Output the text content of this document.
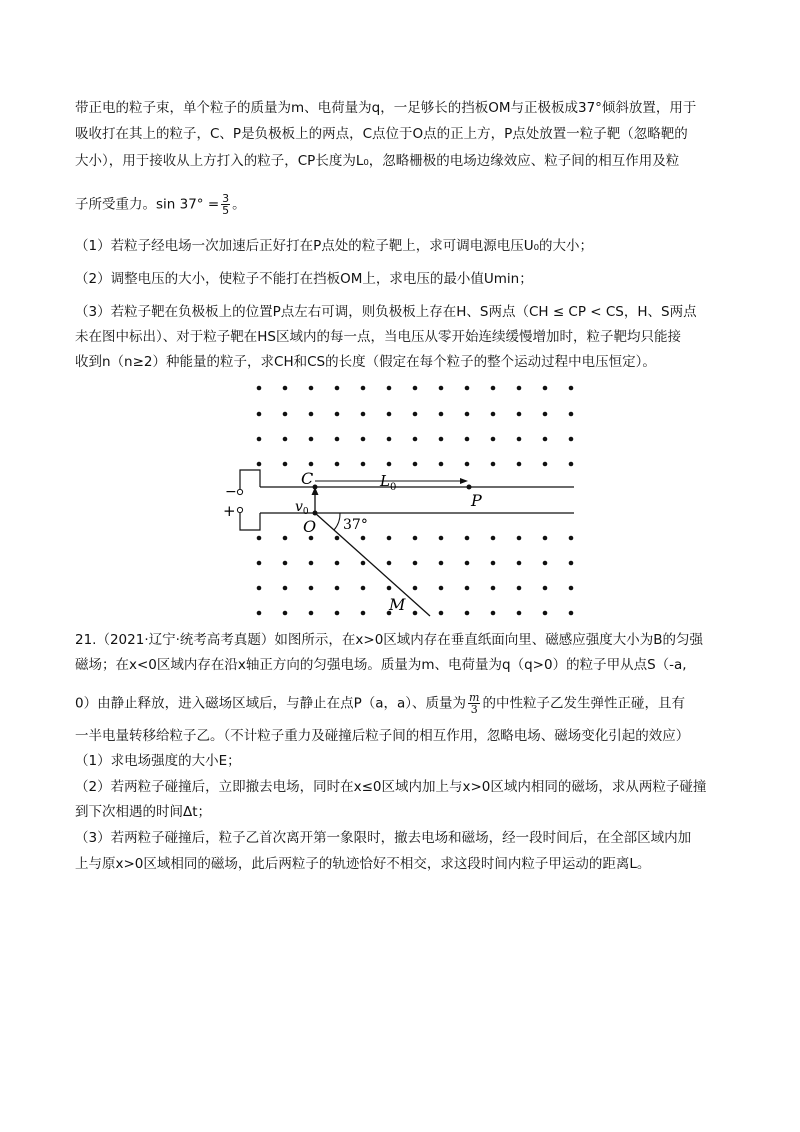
带正电的粒子束，单个粒子的质量为m、电荷量为q，一足够长的挡板OM与正极板成37°倾斜放置，用于
吸收打在其上的粒子，C、P是负极板上的两点，C点位于O点的正上方，P点处放置一粒子靶（忽略靶的
大小），用于接收从上方打入的粒子，CP长度为L₀，忽略栅极的电场边缘效应、粒子间的相互作用及粒
子所受重力。$\sin 37^\circ = \frac{3}{5}$ 。
（1）若粒子经电场一次加速后正好打在P点处的粒子靶上，求可调电源电压U₀的大小；
（2）调整电压的大小，使粒子不能打在挡板OM上，求电压的最小值Umin；
（3）若粒子靶在负极板上的位置P点左右可调，则负极板上存在H、S两点（CH ≤ CP < CS，H、S两点
未在图中标出）、对于粒子靶在HS区域内的每一点，当电压从零开始连续缓慢增加时，粒子靶均只能接
收到n（n≥2）种能量的粒子，求CH和CS的长度（假定在每个粒子的整个运动过程中电压恒定）。
−
+
C	$L_0$
P
$v_0$
O 37°
M
21.（2021·辽宁·统考高考真题）如图所示，在x>0区域内存在垂直纸面向里、磁感应强度大小为B的匀强
磁场；在x<0区域内存在沿x轴正方向的匀强电场。质量为m、电荷量为q（q>0）的粒子甲从点S（-a,
0）由静止释放，进入磁场区域后，与静止在点P（a，a）、质量为 $\frac{m}{3}$ 的中性粒子乙发生弹性正碰，且有
一半电量转移给粒子乙。（不计粒子重力及碰撞后粒子间的相互作用，忽略电场、磁场变化引起的效应）
（1）求电场强度的大小E；
（2）若两粒子碰撞后，立即撤去电场，同时在x≤0区域内加上与x>0区域内相同的磁场，求从两粒子碰撞
到下次相遇的时间Δt；
（3）若两粒子碰撞后，粒子乙首次离开第一象限时，撤去电场和磁场，经一段时间后，在全部区域内加
上与原x>0区域相同的磁场，此后两粒子的轨迹恰好不相交，求这段时间内粒子甲运动的距离L。
